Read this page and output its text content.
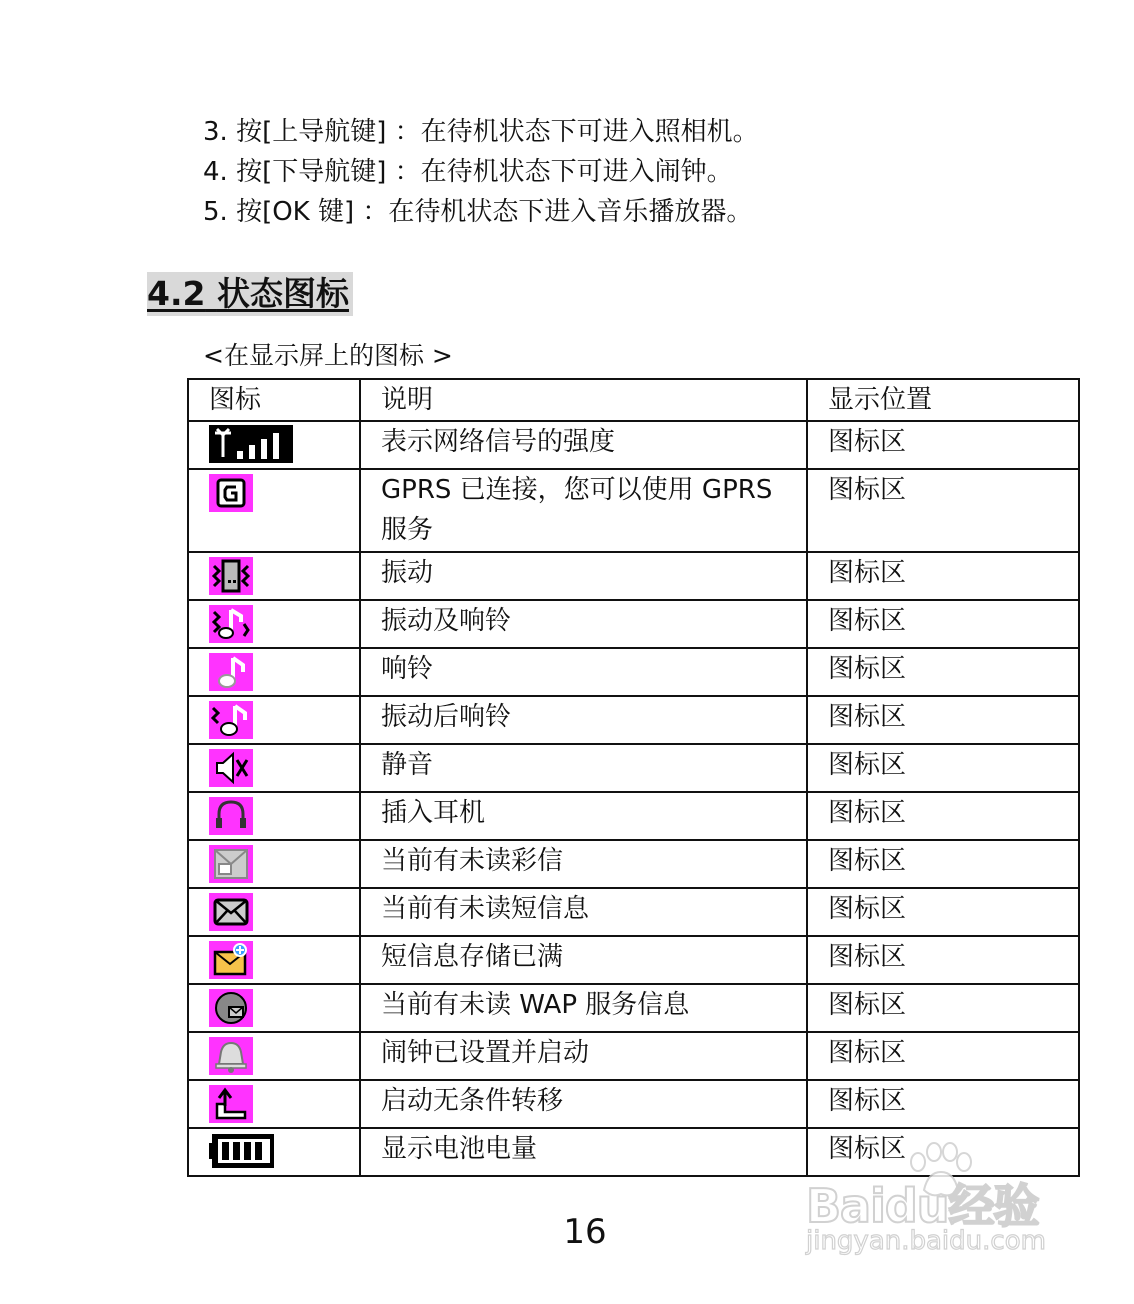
3. 按[上导航键] ：在待机状态下可进入照相机。
4. 按[下导航键] ：在待机状态下可进入闹钟。
5. 按[OK 键] ：在待机状态下进入音乐播放器。
4.2 状态图标
<在显示屏上的图标 >
图标	说明	显示位置

	表示网络信号的强度	图标区

	GPRS 已连接，您可以使用 GPRS 服务	图标区

	振动	图标区

	振动及响铃	图标区

	响铃	图标区

	振动后响铃	图标区

	静音	图标区

	插入耳机	图标区

	当前有未读彩信	图标区

	当前有未读短信息	图标区

	短信息存储已满	图标区

	当前有未读 WAP 服务信息	图标区

	闹钟已设置并启动	图标区

	启动无条件转移	图标区

	显示电池电量	图标区
16	Baidu经验
jingyan.baidu.com
